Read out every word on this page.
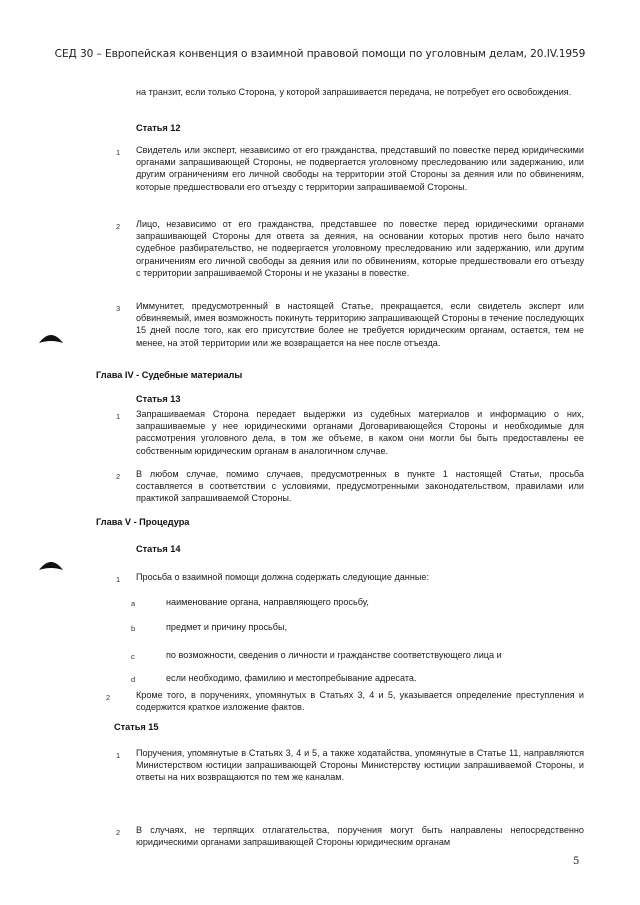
СЕД 30 – Европейская конвенция о взаимной правовой помощи по уголовным делам, 20.IV.1959
на транзит, если только Сторона, у которой запрашивается передача, не потребует его освобождения.
Статья 12
1 Свидетель или эксперт, независимо от его гражданства, представший по повестке перед юридическими органами запрашивающей Стороны, не подвергается уголовному преследованию или задержанию, или другим ограничениям его личной свободы на территории этой Стороны за деяния или по обвинениям, которые предшествовали его отъезду с территории запрашиваемой Стороны.
2 Лицо, независимо от его гражданства, представшее по повестке перед юридическими органами запрашивающей Стороны для ответа за деяния, на основании которых против него было начато судебное разбирательство, не подвергается уголовному преследованию или задержанию, или другим ограничениям его личной свободы за деяния или по обвинениям, которые предшествовали его отъезду с территории запрашиваемой Стороны и не указаны в повестке.
3 Иммунитет, предусмотренный в настоящей Статье, прекращается, если свидетель эксперт или обвиняемый, имея возможность покинуть территорию запрашивающей Стороны в течение последующих 15 дней после того, как его присутствие более не требуется юридическим органам, остается, тем не менее, на этой территории или же возвращается на нее после отъезда.
Глава IV - Судебные материалы
Статья 13
1 Запрашиваемая Сторона передает выдержки из судебных материалов и информацию о них, запрашиваемые у нее юридическими органами Договаривающейся Стороны и необходимые для рассмотрения уголовного дела, в том же объеме, в каком они могли бы быть предоставлены ее собственным юридическим органам в аналогичном случае.
2 В любом случае, помимо случаев, предусмотренных в пункте 1 настоящей Статьи, просьба составляется в соответствии с условиями, предусмотренными законодательством, правилами или практикой запрашиваемой Стороны.
Глава V - Процедура
Статья 14
1 Просьба о взаимной помощи должна содержать следующие данные:
a	наименование органа, направляющего просьбу,
b	предмет и причину просьбы,
c	по возможности, сведения о личности и гражданстве соответствующего лица и
d	если необходимо, фамилию и местопребывание адресата.
2	Кроме того, в поручениях, упомянутых в Статьях 3, 4 и 5, указывается определение преступления и содержится краткое изложение фактов.
Статья 15
1 Поручения, упомянутые в Статьях 3, 4 и 5, а также ходатайства, упомянутые в Статье 11, направляются Министерством юстиции запрашивающей Стороны Министерству юстиции запрашиваемой Стороны, и ответы на них возвращаются по тем же каналам.
2 В случаях, не терпящих отлагательства, поручения могут быть направлены непосредственно юридическими органами запрашивающей Стороны юридическим органам
5
